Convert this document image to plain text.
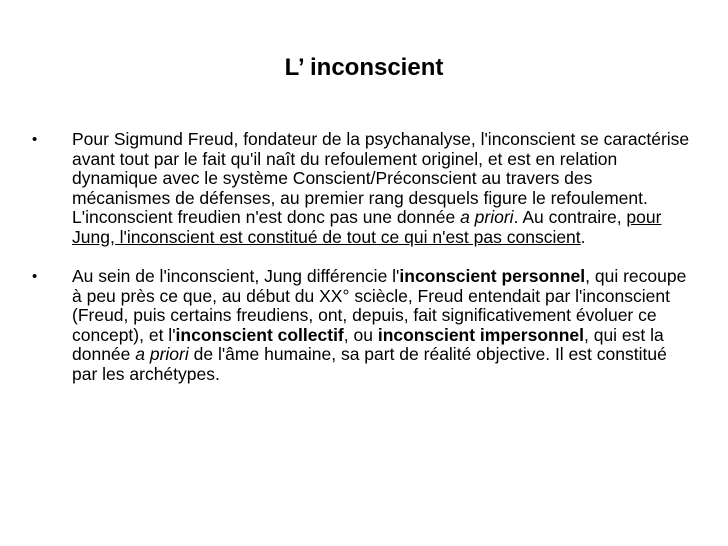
L’ inconscient
• Pour Sigmund Freud, fondateur de la psychanalyse, l'inconscient se caractérise avant tout par le fait qu'il naît du refoulement originel, et est en relation dynamique avec le système Conscient/Préconscient au travers des mécanismes de défenses, au premier rang desquels figure le refoulement. L'inconscient freudien n'est donc pas une donnée a priori. Au contraire, pour Jung, l'inconscient est constitué de tout ce qui n'est pas conscient.
• Au sein de l'inconscient, Jung différencie l'inconscient personnel, qui recoupe à peu près ce que, au début du XX° sciècle, Freud entendait par l'inconscient (Freud, puis certains freudiens, ont, depuis, fait significativement évoluer ce concept), et l'inconscient collectif, ou inconscient impersonnel, qui est la donnée a priori de l'âme humaine, sa part de réalité objective. Il est constitué par les archétypes.
